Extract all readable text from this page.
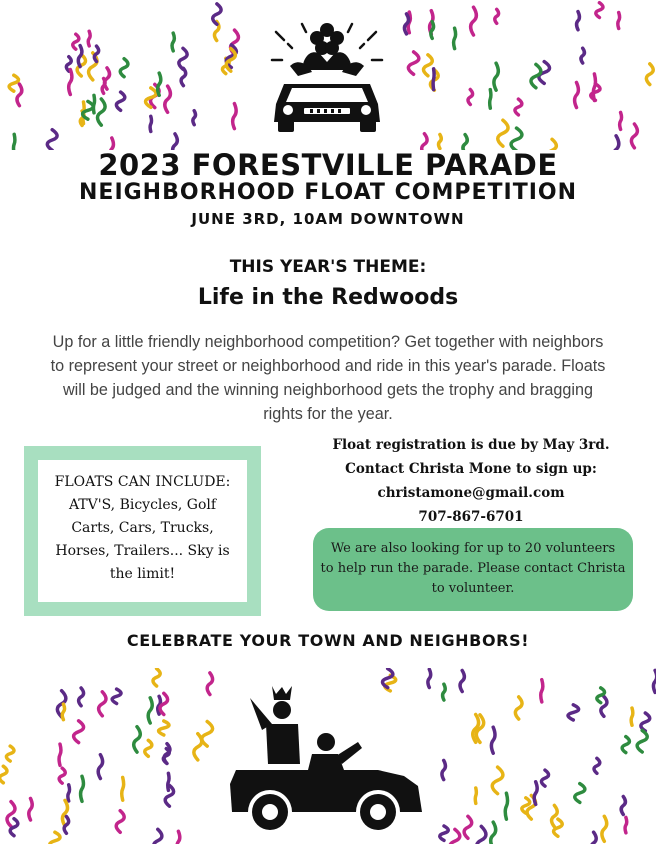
2023 FORESTVILLE PARADE
NEIGHBORHOOD FLOAT COMPETITION
JUNE 3RD, 10AM DOWNTOWN
THIS YEAR'S THEME:
Life in the Redwoods
Up for a little friendly neighborhood competition? Get together with neighbors
to represent your street or neighborhood and ride in this year's parade. Floats
will be judged and the winning neighborhood gets the trophy and bragging
rights for the year.
FLOATS CAN INCLUDE:
ATV'S, Bicycles, Golf
Carts, Cars, Trucks,
Horses, Trailers... Sky is
the limit!
Float registration is due by May 3rd.
Contact Christa Mone to sign up:
christamone@gmail.com
707-867-6701
We are also looking for up to 20 volunteers
to help run the parade. Please contact Christa
to volunteer.
CELEBRATE YOUR TOWN AND NEIGHBORS!
